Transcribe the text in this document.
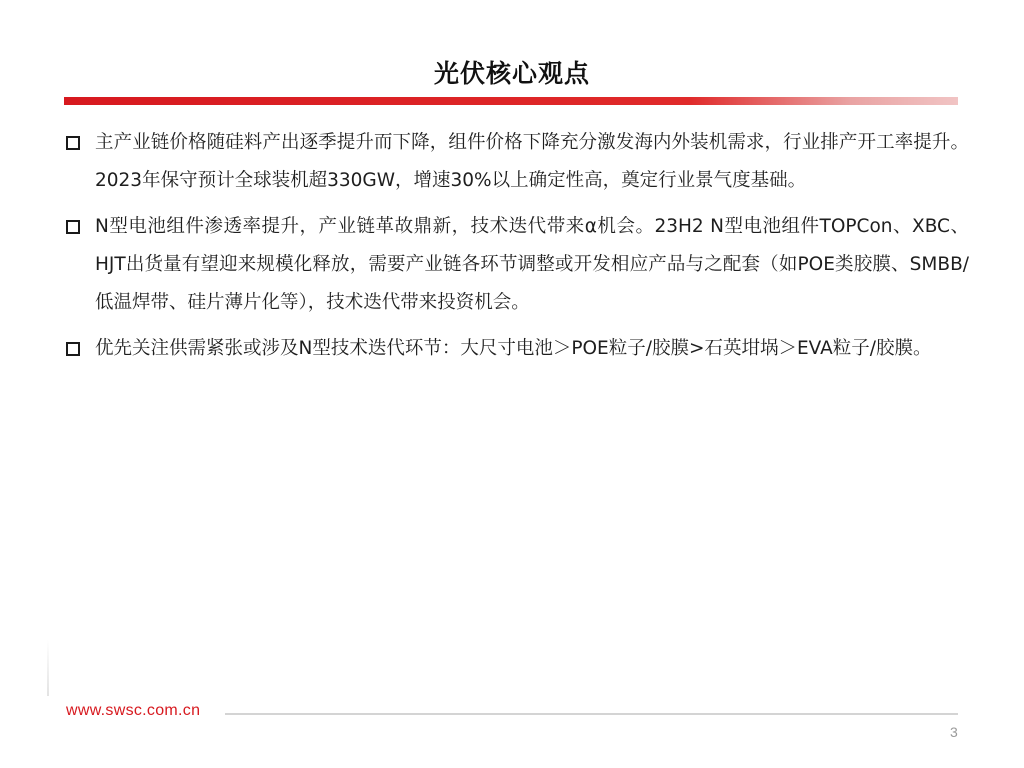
光伏核心观点
主产业链价格随硅料产出逐季提升而下降，组件价格下降充分激发海内外装机需求，行业排产开工率提升。2023年保守预计全球装机超330GW，增速30%以上确定性高，奠定行业景气度基础。
N型电池组件渗透率提升，产业链革故鼎新，技术迭代带来α机会。23H2 N型电池组件TOPCon、XBC、HJT出货量有望迎来规模化释放，需要产业链各环节调整或开发相应产品与之配套（如POE类胶膜、SMBB/低温焊带、硅片薄片化等），技术迭代带来投资机会。
优先关注供需紧张或涉及N型技术迭代环节：大尺寸电池＞POE粒子/胶膜>石英坩埚＞EVA粒子/胶膜。
www.swsc.com.cn
3
